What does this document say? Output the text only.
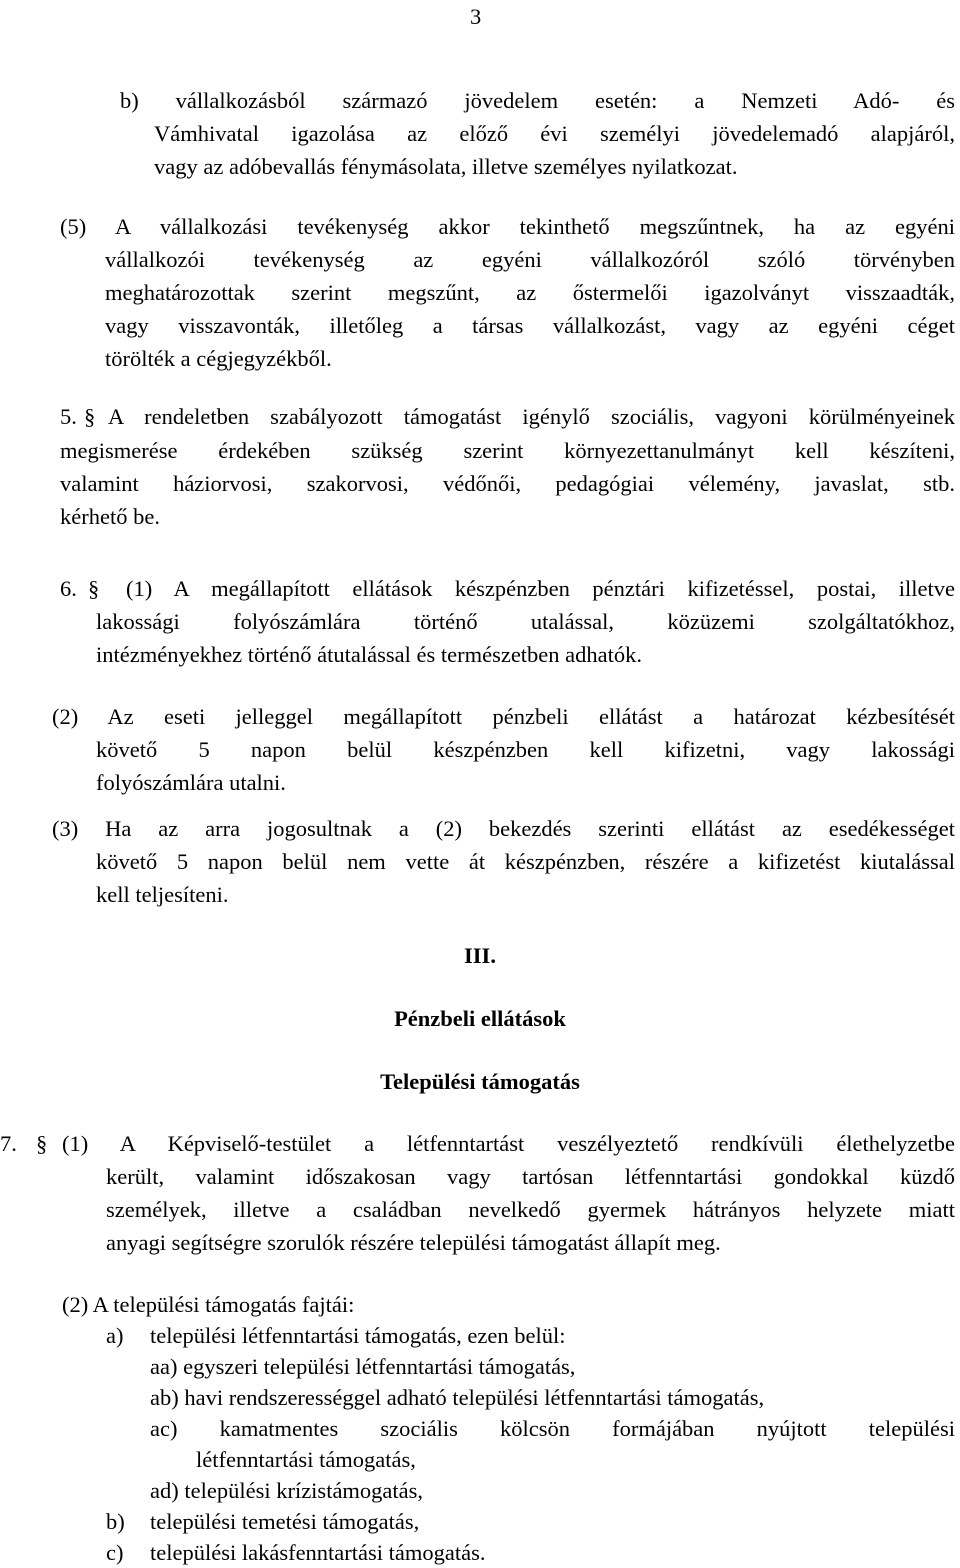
3
b) vállalkozásból származó jövedelem esetén: a Nemzeti Adó- és
Vámhivatal igazolása az előző évi személyi jövedelemadó alapjáról,
vagy az adóbevallás fénymásolata, illetve személyes nyilatkozat.
(5) A vállalkozási tevékenység akkor tekinthető megszűntnek, ha az egyéni
vállalkozói tevékenység az egyéni vállalkozóról szóló törvényben
meghatározottak szerint megszűnt, az őstermelői igazolványt visszaadták,
vagy visszavonták, illetőleg a társas vállalkozást, vagy az egyéni céget
törölték a cégjegyzékből.
5. § A rendeletben szabályozott támogatást igénylő szociális, vagyoni körülményeinek
megismerése érdekében szükség szerint környezettanulmányt kell készíteni,
valamint háziorvosi, szakorvosi, védőnői, pedagógiai vélemény, javaslat, stb.
kérhető be.
6. § (1) A megállapított ellátások készpénzben pénztári kifizetéssel, postai, illetve
lakossági folyószámlára történő utalással, közüzemi szolgáltatókhoz,
intézményekhez történő átutalással és természetben adhatók.
(2) Az eseti jelleggel megállapított pénzbeli ellátást a határozat kézbesítését
követő 5 napon belül készpénzben kell kifizetni, vagy lakossági
folyószámlára utalni.
(3) Ha az arra jogosultnak a (2) bekezdés szerinti ellátást az esedékességet
követő 5 napon belül nem vette át készpénzben, részére a kifizetést kiutalással
kell teljesíteni.
III.
Pénzbeli ellátások
Települési támogatás
7. § (1) A Képviselő-testület a létfenntartást veszélyeztető rendkívüli élethelyzetbe
került, valamint időszakosan vagy tartósan létfenntartási gondokkal küzdő
személyek, illetve a családban nevelkedő gyermek hátrányos helyzete miatt
anyagi segítségre szorulók részére települési támogatást állapít meg.
(2) A települési támogatás fajtái:
a) települési létfenntartási támogatás, ezen belül:
aa) egyszeri települési létfenntartási támogatás,
ab) havi rendszerességgel adható települési létfenntartási támogatás,
ac) kamatmentes szociális kölcsön formájában nyújtott települési
létfenntartási támogatás,
ad) települési krízistámogatás,
b) települési temetési támogatás,
c) települési lakásfenntartási támogatás.
